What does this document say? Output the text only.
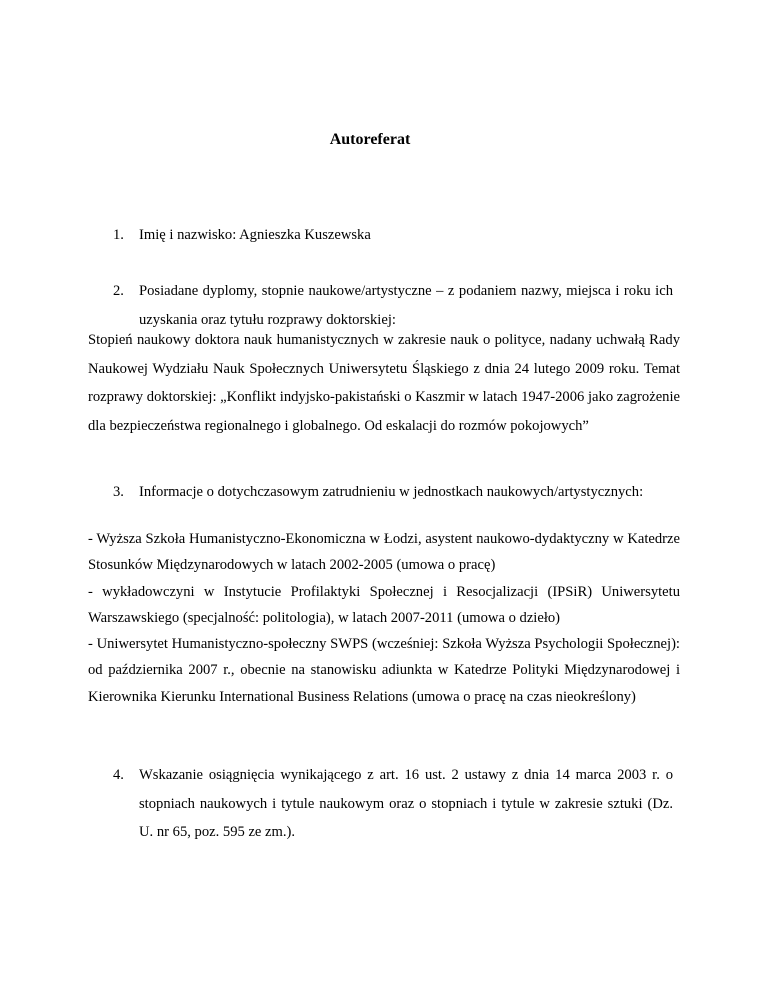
Autoreferat
1. Imię i nazwisko: Agnieszka Kuszewska
2. Posiadane dyplomy, stopnie naukowe/artystyczne – z podaniem nazwy, miejsca i roku ich uzyskania oraz tytułu rozprawy doktorskiej:

Stopień naukowy doktora nauk humanistycznych w zakresie nauk o polityce, nadany uchwałą Rady Naukowej Wydziału Nauk Społecznych Uniwersytetu Śląskiego z dnia 24 lutego 2009 roku. Temat rozprawy doktorskiej: „Konflikt indyjsko-pakistański o Kaszmir w latach 1947-2006 jako zagrożenie dla bezpieczeństwa regionalnego i globalnego. Od eskalacji do rozmów pokojowych”

3. Informacje o dotychczasowym zatrudnieniu w jednostkach naukowych/artystycznych:

- Wyższa Szkoła Humanistyczno-Ekonomiczna w Łodzi, asystent naukowo-dydaktyczny w Katedrze Stosunków Międzynarodowych w latach 2002-2005 (umowa o pracę)

- wykładowczyni w Instytucie Profilaktyki Społecznej i Resocjalizacji (IPSiR) Uniwersytetu Warszawskiego (specjalność: politologia), w latach 2007-2011 (umowa o dzieło)

- Uniwersytet Humanistyczno-społeczny SWPS (wcześniej: Szkoła Wyższa Psychologii Społecznej): od października 2007 r., obecnie na stanowisku adiunkta w Katedrze Polityki Międzynarodowej i Kierownika Kierunku International Business Relations (umowa o pracę na czas nieokreślony)

4. Wskazanie osiągnięcia wynikającego z art. 16 ust. 2 ustawy z dnia 14 marca 2003 r. o stopniach naukowych i tytule naukowym oraz o stopniach i tytule w zakresie sztuki (Dz. U. nr 65, poz. 595 ze zm.).
